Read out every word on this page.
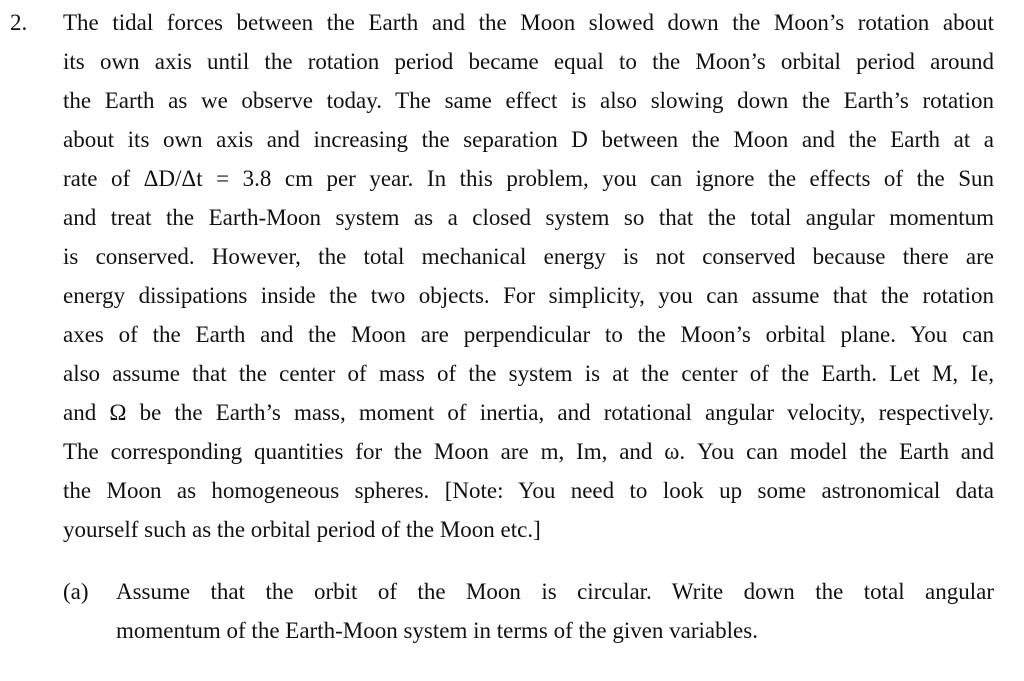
2. The tidal forces between the Earth and the Moon slowed down the Moon’s rotation about
its own axis until the rotation period became equal to the Moon’s orbital period around
the Earth as we observe today. The same effect is also slowing down the Earth’s rotation
about its own axis and increasing the separation D between the Moon and the Earth at a
rate of ΔD/Δt = 3.8 cm per year. In this problem, you can ignore the effects of the Sun
and treat the Earth-Moon system as a closed system so that the total angular momentum
is conserved. However, the total mechanical energy is not conserved because there are
energy dissipations inside the two objects. For simplicity, you can assume that the rotation
axes of the Earth and the Moon are perpendicular to the Moon’s orbital plane. You can
also assume that the center of mass of the system is at the center of the Earth. Let M, Ie,
and Ω be the Earth’s mass, moment of inertia, and rotational angular velocity, respectively.
The corresponding quantities for the Moon are m, Im, and ω. You can model the Earth and
the Moon as homogeneous spheres. [Note: You need to look up some astronomical data
yourself such as the orbital period of the Moon etc.]
(a) Assume that the orbit of the Moon is circular. Write down the total angular
momentum of the Earth-Moon system in terms of the given variables.
